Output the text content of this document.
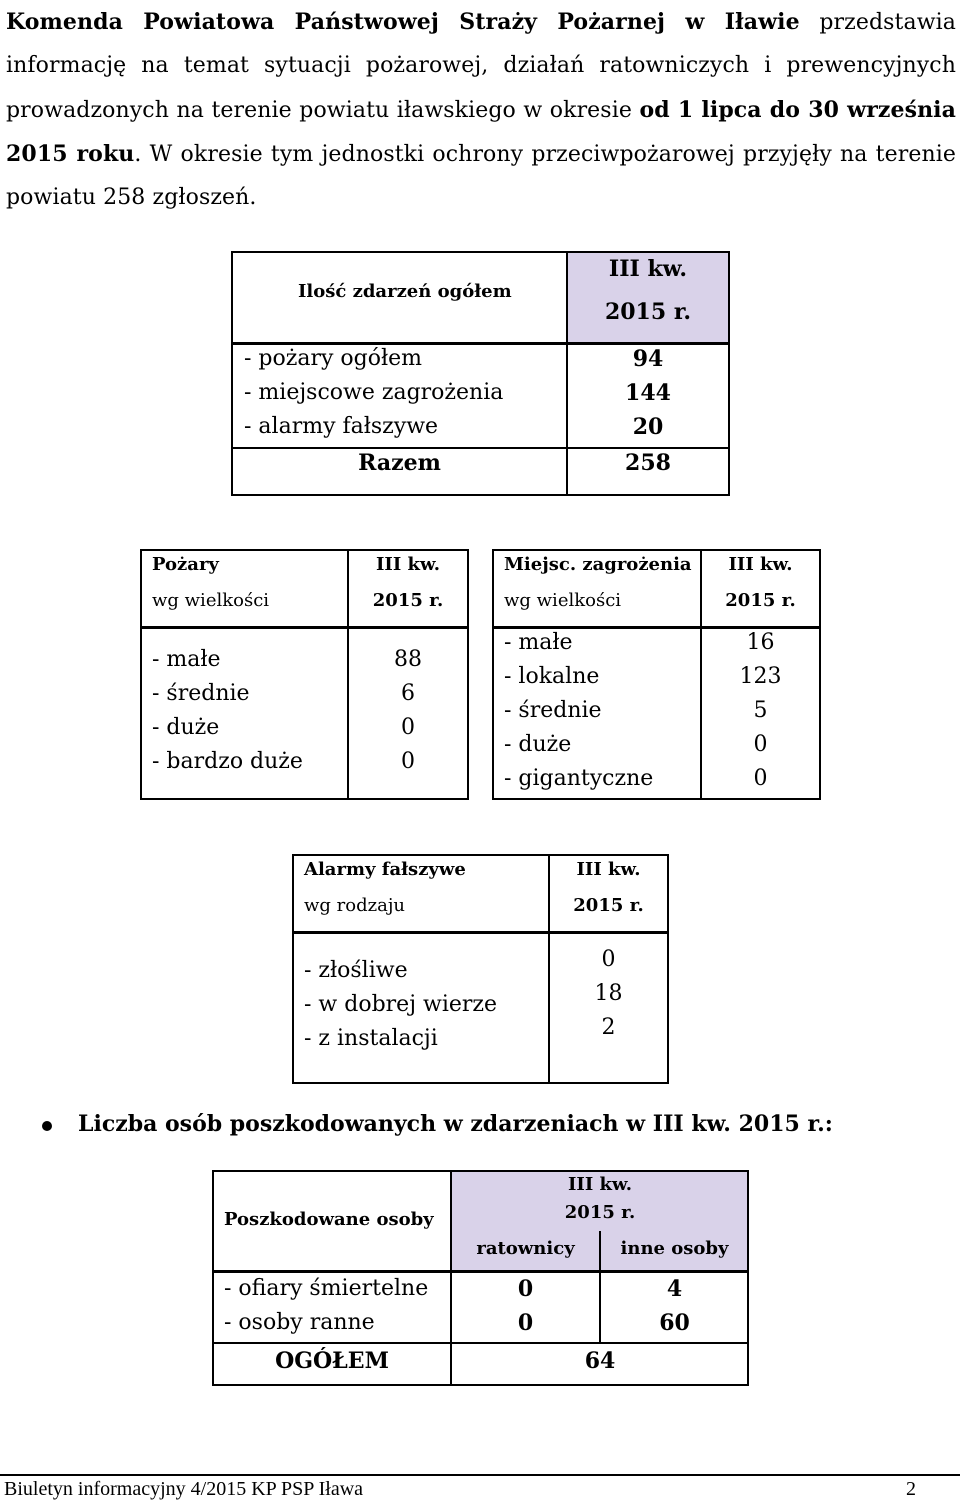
Komenda Powiatowa Państwowej Straży Pożarnej w Iławie przedstawia
informację na temat sytuacji pożarowej, działań ratowniczych i prewencyjnych
prowadzonych na terenie powiatu iławskiego w okresie od 1 lipca do 30 września
2015 roku. W okresie tym jednostki ochrony przeciwpożarowej przyjęły na terenie
powiatu 258 zgłoszeń.
Ilość zdarzeń ogółem
III kw.
2015 r.
- pożary ogółem	94
- miejscowe zagrożenia	144
- alarmy fałszywe	20
Razem	258
Pożary
wg wielkości
III kw.
2015 r.
- małe	88
- średnie	6
- duże	0
- bardzo duże	0
Miejsc. zagrożenia
wg wielkości
III kw.
2015 r.
- małe	16
- lokalne	123
- średnie	5
- duże	0
- gigantyczne	0
Alarmy fałszywe
wg rodzaju
III kw.
2015 r.
- złośliwe	0
- w dobrej wierze	18
- z instalacji	2
Liczba osób poszkodowanych w zdarzeniach w III kw. 2015 r.:
Poszkodowane osoby
III kw.
2015 r.
ratownicy	inne osoby
- ofiary śmiertelne	0	4
- osoby ranne	0	60
OGÓŁEM	64
Biuletyn informacyjny 4/2015 KP PSP Iława	2
